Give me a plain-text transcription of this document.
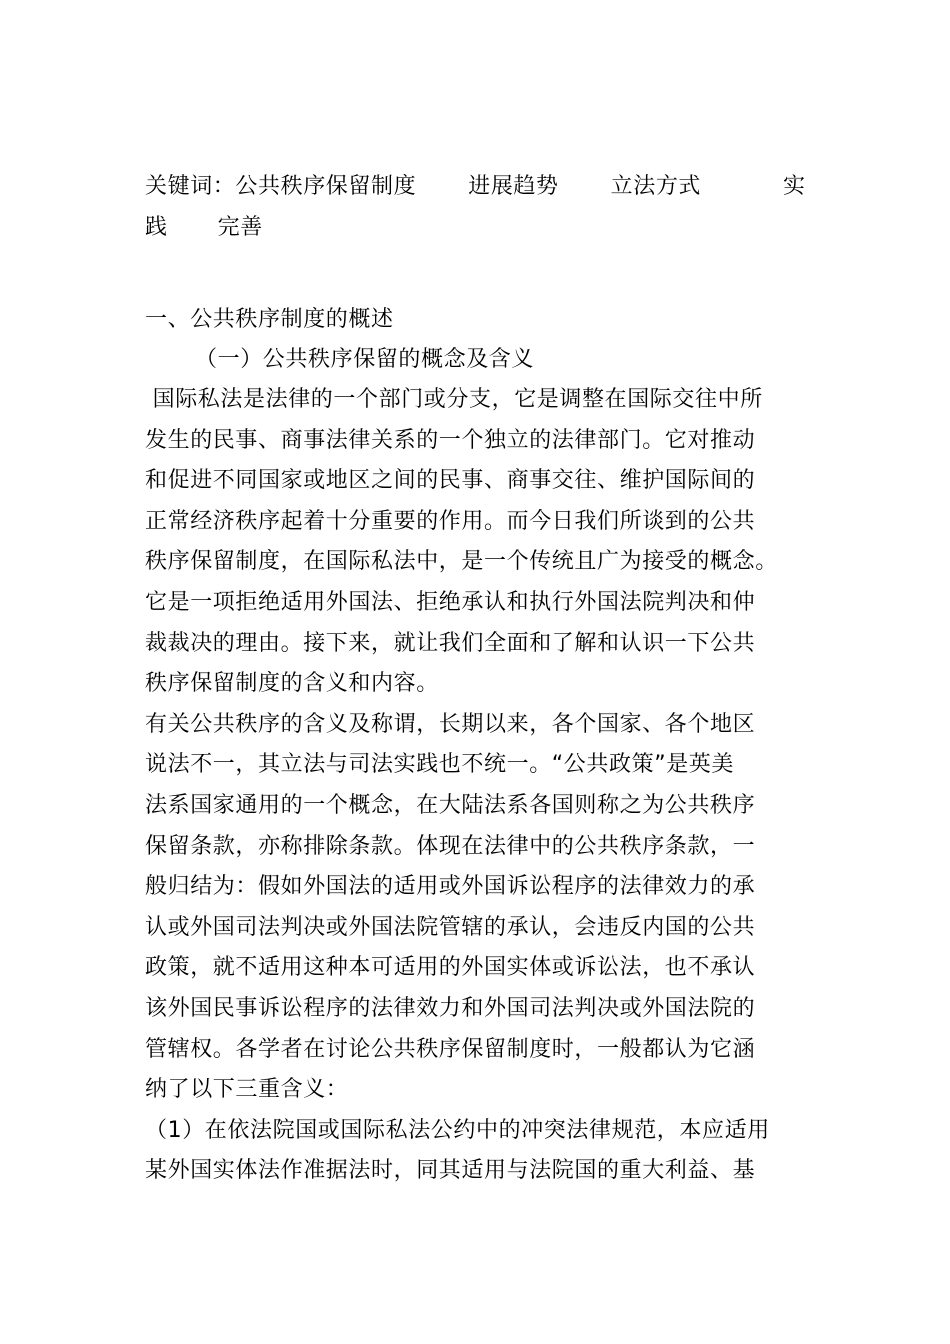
关键词：公共秩序保留制度 进展趋势 立法方式	实
践 完善
一、公共秩序制度的概述
（一）公共秩序保留的概念及含义
国际私法是法律的一个部门或分支，它是调整在国际交往中所
发生的民事、商事法律关系的一个独立的法律部门。它对推动
和促进不同国家或地区之间的民事、商事交往、维护国际间的
正常经济秩序起着十分重要的作用。而今日我们所谈到的公共
秩序保留制度，在国际私法中，是一个传统且广为接受的概念。
它是一项拒绝适用外国法、拒绝承认和执行外国法院判决和仲
裁裁决的理由。接下来，就让我们全面和了解和认识一下公共
秩序保留制度的含义和内容。
有关公共秩序的含义及称谓，长期以来，各个国家、各个地区
说法不一，其立法与司法实践也不统一。“公共政策”是英美
法系国家通用的一个概念，在大陆法系各国则称之为公共秩序
保留条款，亦称排除条款。体现在法律中的公共秩序条款，一
般归结为：假如外国法的适用或外国诉讼程序的法律效力的承
认或外国司法判决或外国法院管辖的承认，会违反内国的公共
政策，就不适用这种本可适用的外国实体或诉讼法，也不承认
该外国民事诉讼程序的法律效力和外国司法判决或外国法院的
管辖权。各学者在讨论公共秩序保留制度时，一般都认为它涵
纳了以下三重含义：
（1）在依法院国或国际私法公约中的冲突法律规范，本应适用
某外国实体法作准据法时，同其适用与法院国的重大利益、基
